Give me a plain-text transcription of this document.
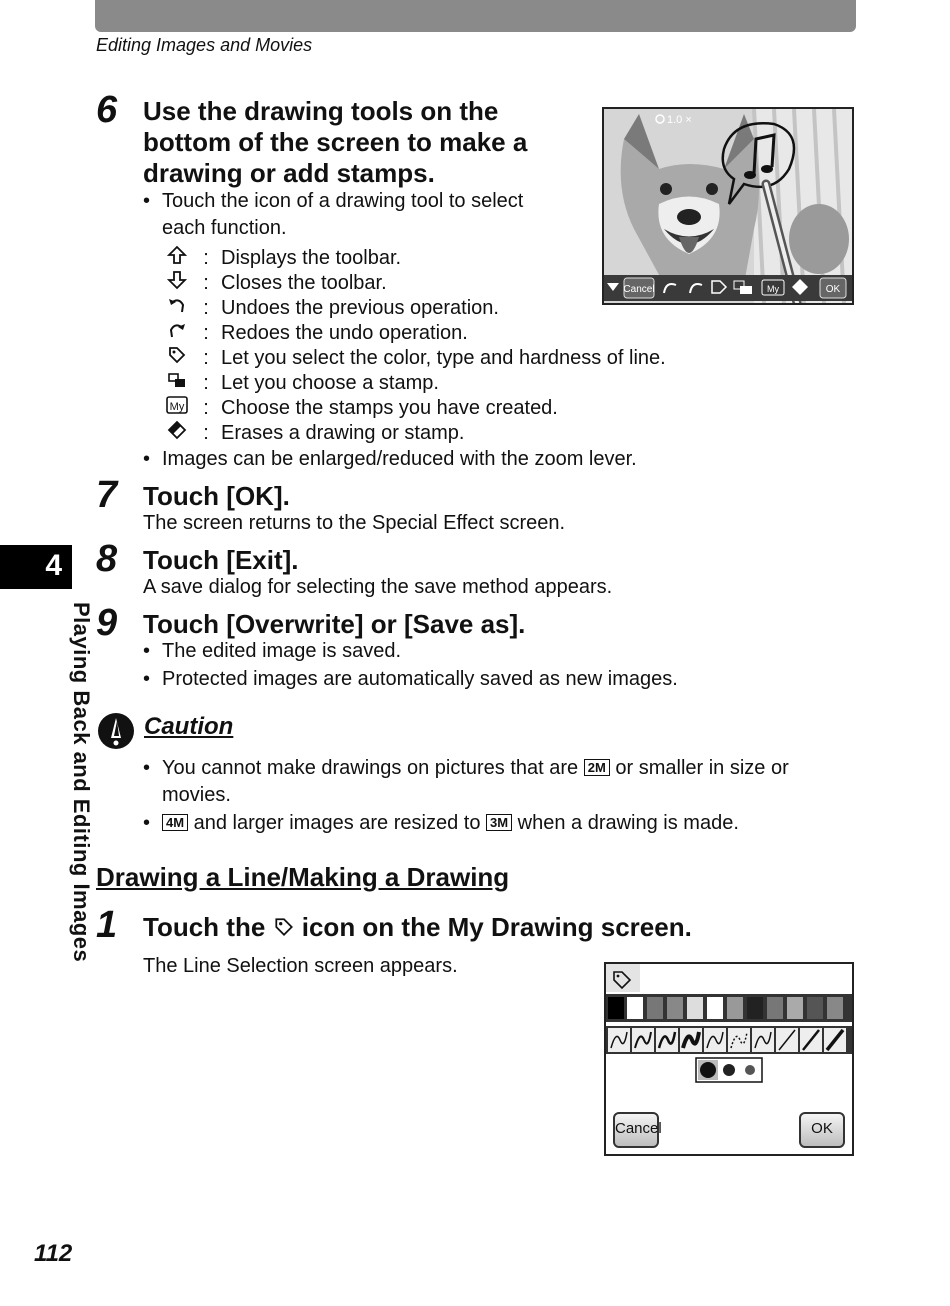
Editing Images and Movies
6 Use the drawing tools on the
bottom of the screen to make a
drawing or add stamps.
• Touch the icon of a drawing tool to select
each function.
: Displays the toolbar.
: Closes the toolbar.
: Undoes the previous operation.
: Redoes the undo operation.
: Let you select the color, type and hardness of line.
: Let you choose a stamp.
My : Choose the stamps you have created.
: Erases a drawing or stamp.
• Images can be enlarged/reduced with the zoom lever.
1.0 ×
Cancel	My	OK
7 Touch [OK].
The screen returns to the Special Effect screen.
4
Playing Back and Editing Images
8 Touch [Exit].
A save dialog for selecting the save method appears.
9 Touch [Overwrite] or [Save as].
• The edited image is saved.
• Protected images are automatically saved as new images.
Caution
• You cannot make drawings on pictures that are 2M or smaller in size or
movies.
• 4M and larger images are resized to 3M when a drawing is made.
Drawing a Line/Making a Drawing
1 Touch the icon on the My Drawing screen.
The Line Selection screen appears.
Cancel	OK
112
